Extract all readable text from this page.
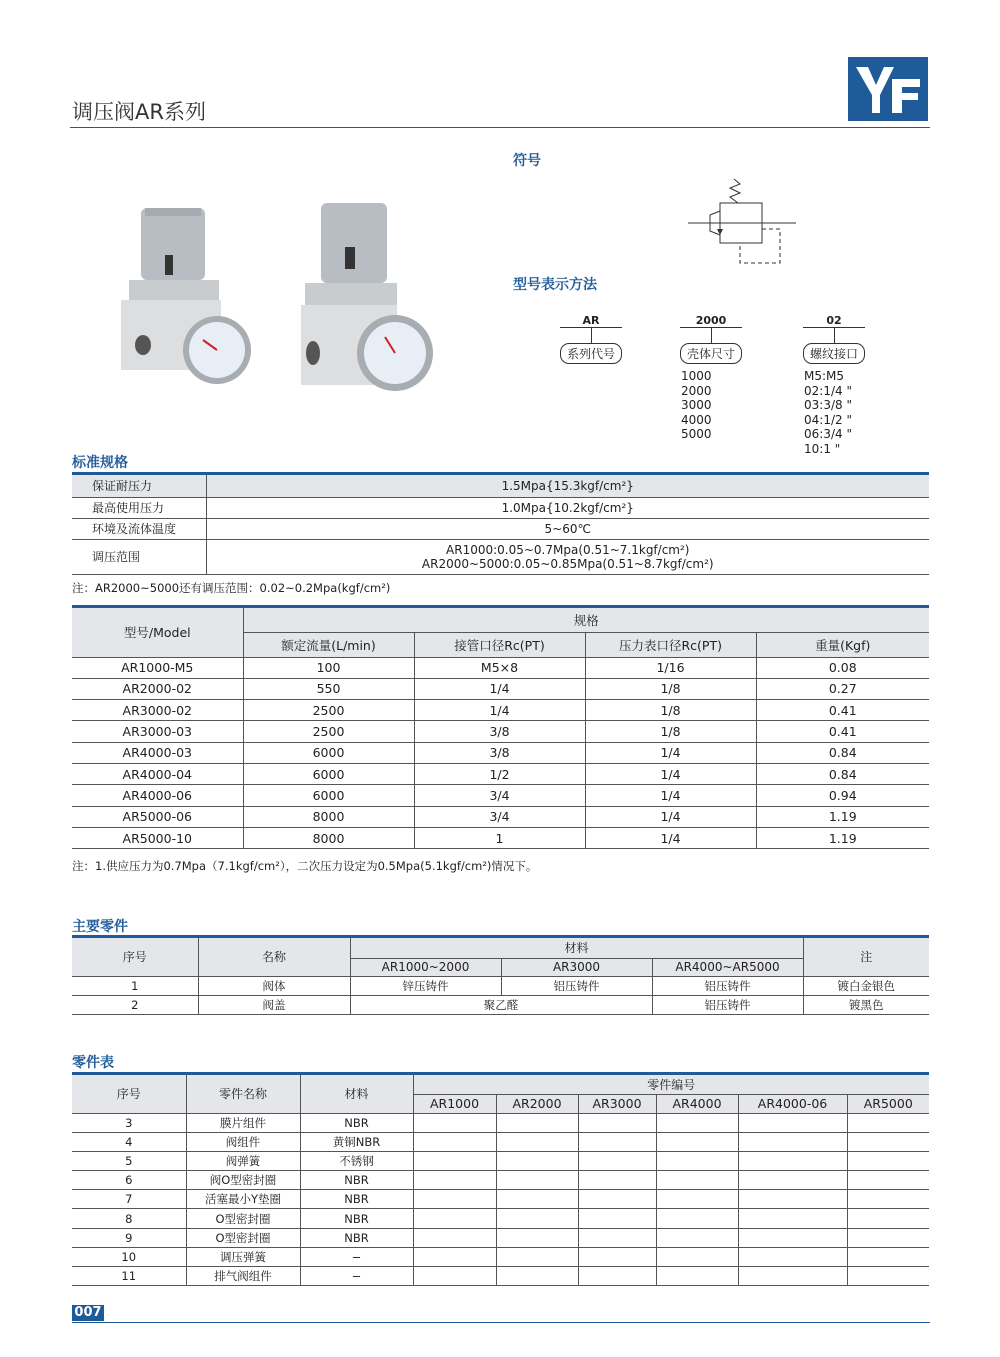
调压阀AR系列
符号
型号表示方法
AR
系列代号
2000
壳体尺寸
1000
2000
3000
4000
5000
02
螺纹接口
M5:M5
02:1/4 "
03:3/8 "
04:1/2 "
06:3/4 "
10:1 "
标准规格
保证耐压力	1.5Mpa{15.3kgf/cm²}
最高使用压力	1.0Mpa{10.2kgf/cm²}
环境及流体温度	5~60℃
调压范围	AR1000:0.05~0.7Mpa(0.51~7.1kgf/cm²)
AR2000~5000:0.05~0.85Mpa(0.51~8.7kgf/cm²)
注：AR2000~5000还有调压范围：0.02~0.2Mpa(kgf/cm²)
型号/Model	规格			
	额定流量(L/min)	接管口径Rc(PT)	压力表口径Rc(PT)	重量(Kgf)
AR1000-M5	100	M5×8	1/16	0.08
AR2000-02	550	1/4	1/8	0.27
AR3000-02	2500	1/4	1/8	0.41
AR3000-03	2500	3/8	1/8	0.41
AR4000-03	6000	3/8	1/4	0.84
AR4000-04	6000	1/2	1/4	0.84
AR4000-06	6000	3/4	1/4	0.94
AR5000-06	8000	3/4	1/4	1.19
AR5000-10	8000	1	1/4	1.19
注：1.供应压力为0.7Mpa（7.1kgf/cm²），二次压力设定为0.5Mpa(5.1kgf/cm²)情况下。
主要零件
序号	名称	材料			注
		AR1000~2000	AR3000	AR4000~AR5000	
1	阀体	锌压铸件	铝压铸件	铝压铸件	镀白金银色
2	阀盖	聚乙醛		铝压铸件	镀黑色
零件表
序号	零件名称	材料	零件编号					
			AR1000	AR2000	AR3000	AR4000	AR4000-06	AR5000
3	膜片组件	NBR						
4	阀组件	黄铜NBR						
5	阀弹簧	不锈钢						
6	阀O型密封圈	NBR						
7	活塞最小Y垫圈	NBR						
8	O型密封圈	NBR						
9	O型密封圈	NBR						
10	调压弹簧	−						
11	排气阀组件	−						
007
